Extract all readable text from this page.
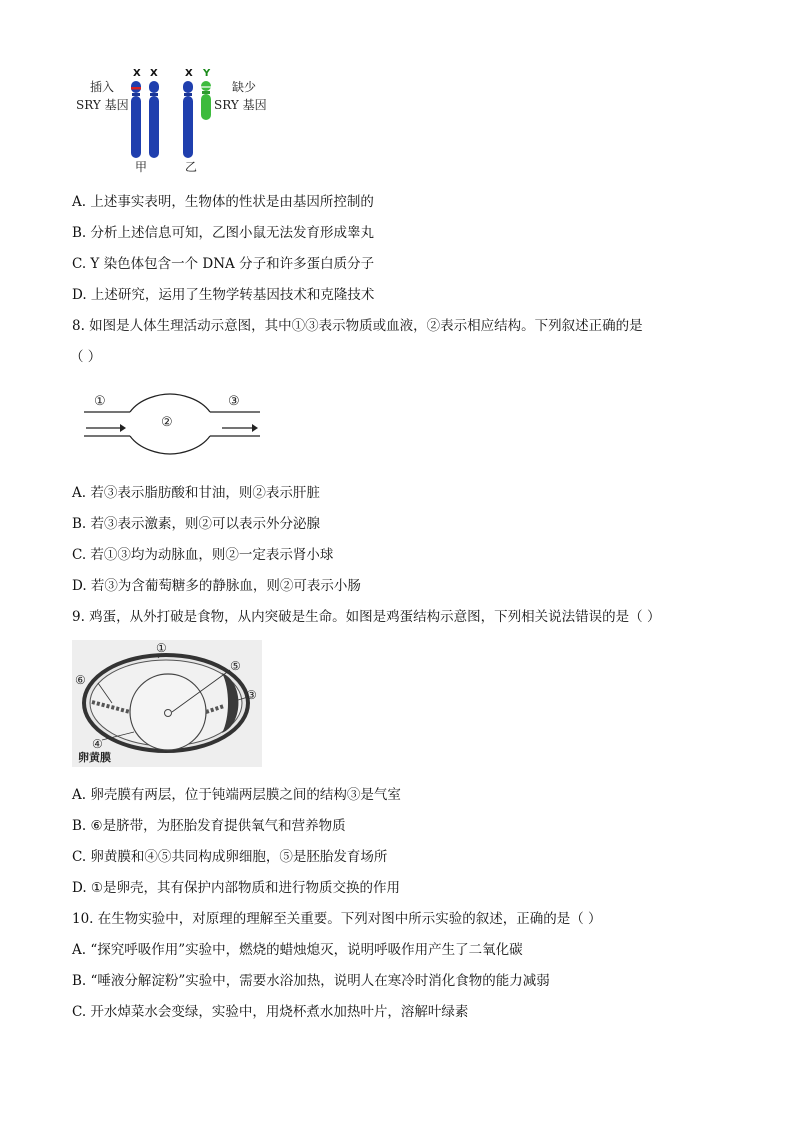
插入
SRY 基因
缺少
SRY 基因
X X	X Y
甲	乙
A. 上述事实表明，生物体的性状是由基因所控制的
B. 分析上述信息可知，乙图小鼠无法发育形成睾丸
C. Y 染色体包含一个 DNA 分子和许多蛋白质分子
D. 上述研究，运用了生物学转基因技术和克隆技术
8. 如图是人体生理活动示意图，其中①③表示物质或血液，②表示相应结构。下列叙述正确的是
（ ）
①
②
③
A. 若③表示脂肪酸和甘油，则②表示肝脏
B. 若③表示激素，则②可以表示外分泌腺
C. 若①③均为动脉血，则②一定表示肾小球
D. 若③为含葡萄糖多的静脉血，则②可表示小肠
9. 鸡蛋，从外打破是食物，从内突破是生命。如图是鸡蛋结构示意图，下列相关说法错误的是（ ）
①
③
④
⑤
⑥
卵黄膜
A. 卵壳膜有两层，位于钝端两层膜之间的结构③是气室
B. ⑥是脐带，为胚胎发育提供氧气和营养物质
C. 卵黄膜和④⑤共同构成卵细胞，⑤是胚胎发育场所
D. ①是卵壳，其有保护内部物质和进行物质交换的作用
10. 在生物实验中，对原理的理解至关重要。下列对图中所示实验的叙述，正确的是（ ）
A. “探究呼吸作用”实验中，燃烧的蜡烛熄灭，说明呼吸作用产生了二氧化碳
B. “唾液分解淀粉”实验中，需要水浴加热，说明人在寒冷时消化食物的能力减弱
C. 开水焯菜水会变绿，实验中，用烧杯煮水加热叶片，溶解叶绿素
